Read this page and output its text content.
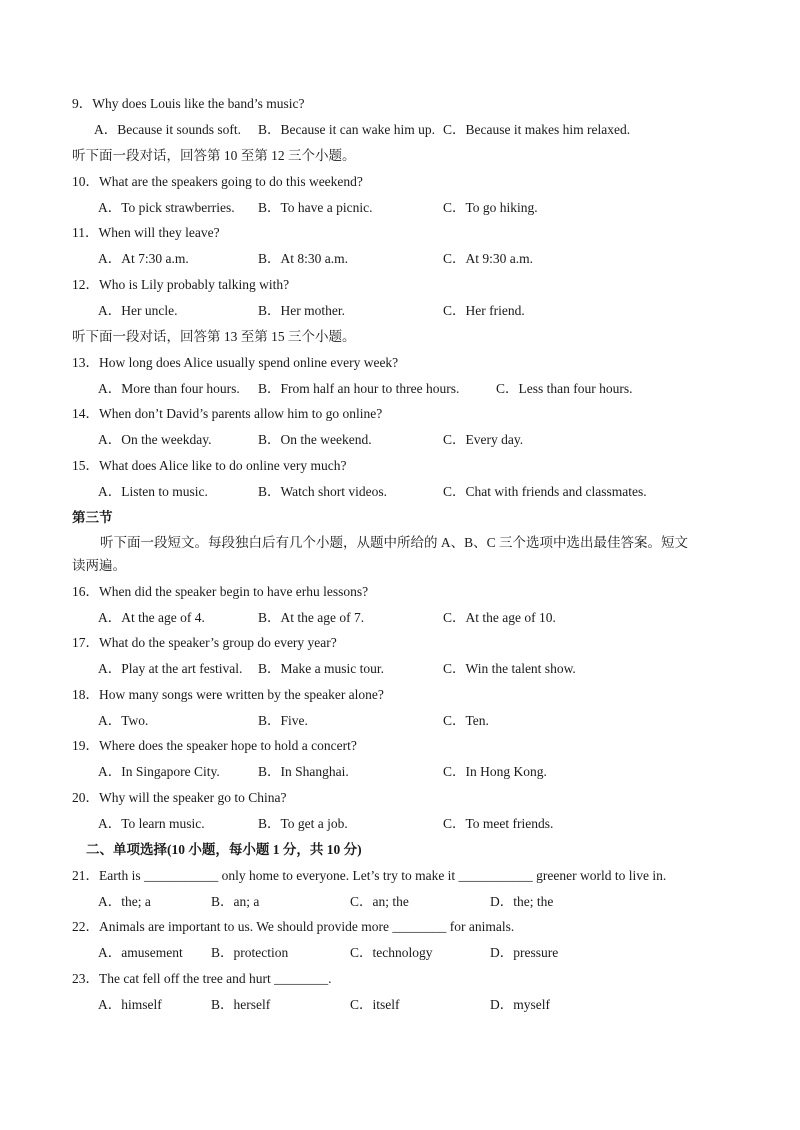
9．Why does Louis like the band’s music?
A．Because it sounds soft. B．Because it can wake him up. C．Because it makes him relaxed.
听下面一段对话，回答第 10 至第 12 三个小题。
10．What are the speakers going to do this weekend?
A．To pick strawberries. B．To have a picnic.	C．To go hiking.
11．When will they leave?
A．At 7:30 a.m.	B．At 8:30 a.m.	C．At 9:30 a.m.
12．Who is Lily probably talking with?
A．Her uncle.	B．Her mother.	C．Her friend.
听下面一段对话，回答第 13 至第 15 三个小题。
13．How long does Alice usually spend online every week?
A．More than four hours. B．From half an hour to three hours.	C．Less than four hours.
14．When don’t David’s parents allow him to go online?
A．On the weekday.	B．On the weekend.	C．Every day.
15．What does Alice like to do online very much?
A．Listen to music.	B．Watch short videos.	C．Chat with friends and classmates.
第三节
听下面一段短文。每段独白后有几个小题，从题中所给的 A、B、C 三个选项中选出最佳答案。短文
读两遍。
16．When did the speaker begin to have erhu lessons?
A．At the age of 4.	B．At the age of 7.	C．At the age of 10.
17．What do the speaker’s group do every year?
A．Play at the art festival. B．Make a music tour.	C．Win the talent show.
18．How many songs were written by the speaker alone?
A．Two.	B．Five.	C．Ten.
19．Where does the speaker hope to hold a concert?
A．In Singapore City.	B．In Shanghai.	C．In Hong Kong.
20．Why will the speaker go to China?
A．To learn music.	B．To get a job.	C．To meet friends.
二、单项选择(10 小题，每小题 1 分，共 10 分)
21．Earth is ___________ only home to everyone. Let’s try to make it ___________ greener world to live in.
A．the; a	B．an; a	C．an; the	D．the; the
22．Animals are important to us. We should provide more ________ for animals.
A．amusement B．protection	C．technology	D．pressure
23．The cat fell off the tree and hurt ________.
A．himself	B．herself	C．itself	D．myself
